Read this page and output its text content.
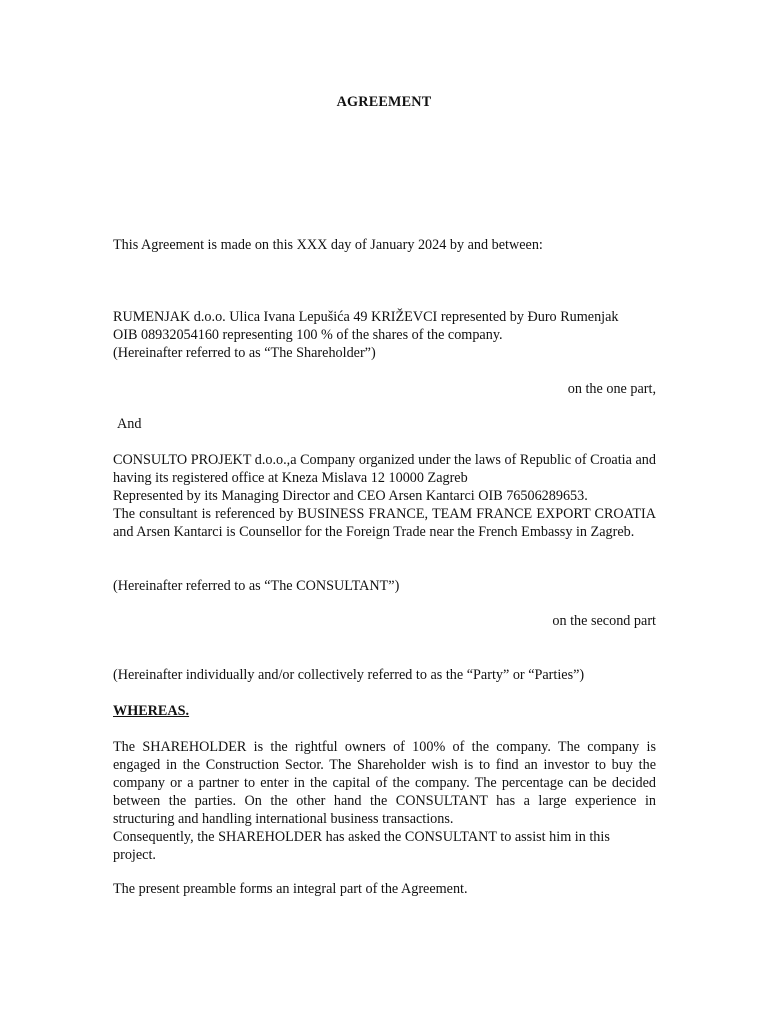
AGREEMENT

This Agreement is made on this XXX day of January 2024 by and between:

RUMENJAK d.o.o. Ulica Ivana Lepušića 49 KRIŽEVCI represented by Đuro Rumenjak
OIB 08932054160 representing 100 % of the shares of the company.
(Hereinafter referred to as “The Shareholder”)

on the one part,

And

CONSULTO PROJEKT d.o.o.,a Company organized under the laws of Republic of Croatia and having its registered office at Kneza Mislava 12 10000 Zagreb
Represented by its Managing Director and CEO Arsen Kantarci OIB 76506289653.
The consultant is referenced by BUSINESS FRANCE, TEAM FRANCE EXPORT CROATIA and Arsen Kantarci is Counsellor for the Foreign Trade near the French Embassy in Zagreb.

(Hereinafter referred to as “The CONSULTANT”)

on the second part

(Hereinafter individually and/or collectively referred to as the “Party” or “Parties”)

WHEREAS.

The SHAREHOLDER is the rightful owners of 100% of the company. The company is engaged in the Construction Sector. The Shareholder wish is to find an investor to buy the company or a partner to enter in the capital of the company. The percentage can be decided between the parties. On the other hand the CONSULTANT has a large experience in structuring and handling international business transactions.
Consequently, the SHAREHOLDER has asked the CONSULTANT to assist him in this project.

The present preamble forms an integral part of the Agreement.
